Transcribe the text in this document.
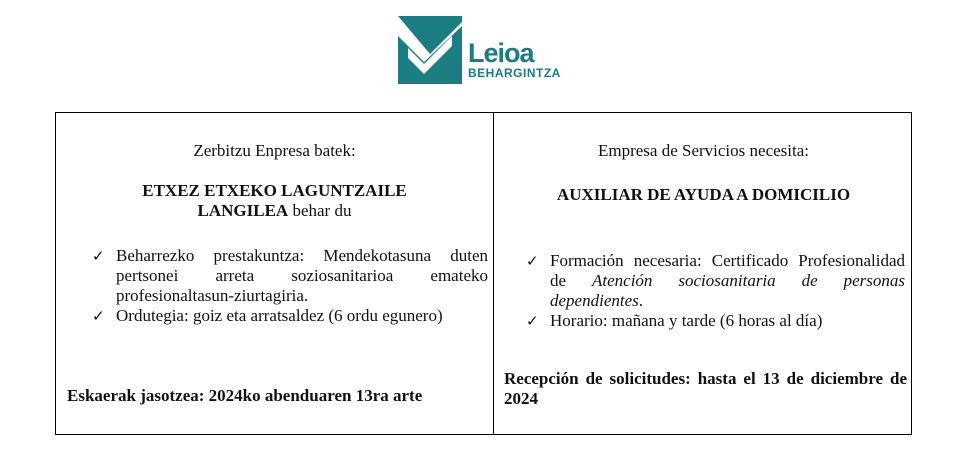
Leioa
BEHARGINTZA
Zerbitzu Enpresa batek:
ETXEZ ETXEKO LAGUNTZAILE
LANGILEA behar du
✓ Beharrezko prestakuntza: Mendekotasuna duten pertsonei arreta soziosanitarioa emateko profesionaltasun-ziurtagiria.
✓ Ordutegia: goiz eta arratsaldez (6 ordu egunero)
Eskaerak jasotzea: 2024ko abenduaren 13ra arte
Empresa de Servicios necesita:
AUXILIAR DE AYUDA A DOMICILIO
✓ Formación necesaria: Certificado Profesionalidad de Atención sociosanitaria de personas dependientes.
✓ Horario: mañana y tarde (6 horas al día)
Recepción de solicitudes: hasta el 13 de diciembre de 2024
